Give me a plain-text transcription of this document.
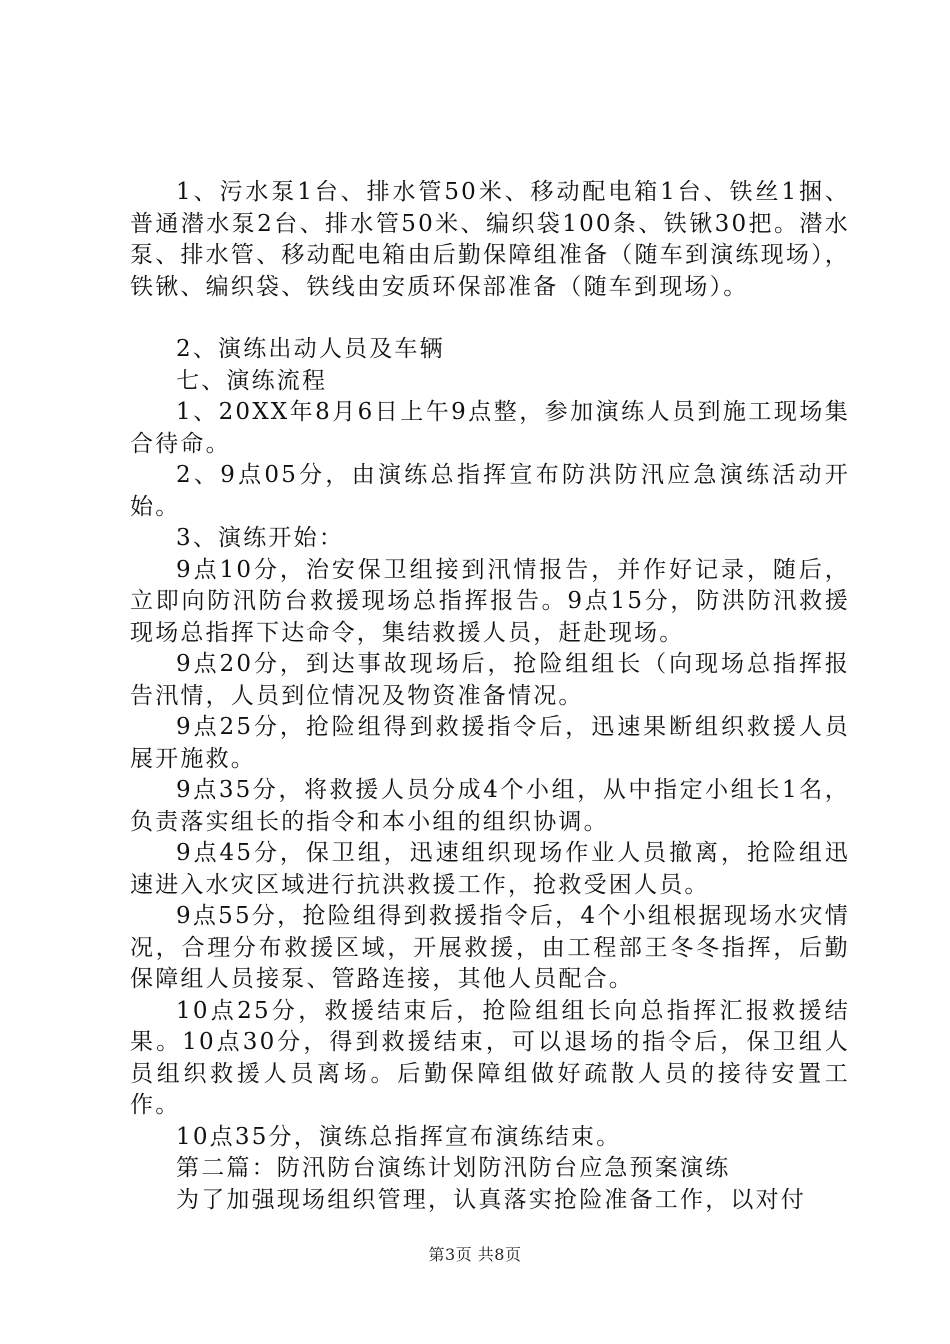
1、污水泵1台、排水管50米、移动配电箱1台、铁丝1捆、普通潜水泵2台、排水管50米、编织袋100条、铁锹30把。潜水泵、排水管、移动配电箱由后勤保障组准备（随车到演练现场），铁锹、编织袋、铁线由安质环保部准备（随车到现场）。

2、演练出动人员及车辆

七、演练流程

1、20XX年8月6日上午9点整，参加演练人员到施工现场集合待命。

2、9点05分，由演练总指挥宣布防洪防汛应急演练活动开始。

3、演练开始：

9点10分，治安保卫组接到汛情报告，并作好记录，随后，立即向防汛防台救援现场总指挥报告。9点15分，防洪防汛救援现场总指挥下达命令，集结救援人员，赶赴现场。

9点20分，到达事故现场后，抢险组组长（向现场总指挥报告汛情，人员到位情况及物资准备情况。

9点25分，抢险组得到救援指令后，迅速果断组织救援人员展开施救。

9点35分，将救援人员分成4个小组，从中指定小组长1名，负责落实组长的指令和本小组的组织协调。

9点45分，保卫组，迅速组织现场作业人员撤离，抢险组迅速进入水灾区域进行抗洪救援工作，抢救受困人员。

9点55分，抢险组得到救援指令后，4个小组根据现场水灾情况，合理分布救援区域，开展救援，由工程部王冬冬指挥，后勤保障组人员接泵、管路连接，其他人员配合。

10点25分，救援结束后，抢险组组长向总指挥汇报救援结果。10点30分，得到救援结束，可以退场的指令后，保卫组人员组织救援人员离场。后勤保障组做好疏散人员的接待安置工作。

10点35分，演练总指挥宣布演练结束。

第二篇：防汛防台演练计划防汛防台应急预案演练

为了加强现场组织管理，认真落实抢险准备工作，以对付

第3页 共8页
